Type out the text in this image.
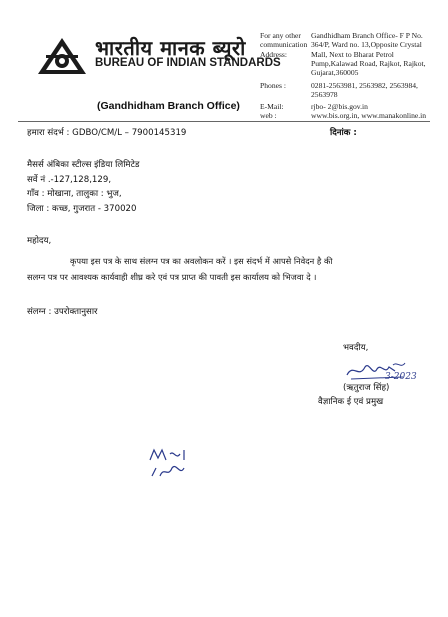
भारतीय मानक ब्यूरो
BUREAU OF INDIAN STANDARDS
(Gandhidham Branch Office)
For any other communication Address:
Gandhidham Branch Office- F P No. 364/P, Ward no. 13,Opposite Crystal Mall, Next to Bharat Petrol Pump,Kalawad Road, Rajkot, Rajkot, Gujarat,360005
Phones :	0281-2563981, 2563982, 2563984, 2563978
E-Mail:	rjbo- 2@bis.gov.in
web :	www.bis.org.in, www.manakonline.in
हमारा संदर्भ : GDBO/CM/L – 7900145319	दिनांक :
मैसर्स अंबिका स्टील्स इंडिया लिमिटेड
सर्वे नं .-127,128,129,
गाँव : मोखाना, तालुका : भुज,
जिला : कच्छ, गुजरात - 370020
महोदय,
कृपया इस पत्र के साथ संलग्न पत्र का अवलोकन करें । इस संदर्भ में आपसे निवेदन है की
सलग्न पत्र पर आवश्यक कार्यवाही शीघ्र करे एवं पत्र प्राप्त की पावती इस कार्यालय को भिजवा दे ।
संलग्न : उपरोक्तानुसार
भवदीय,
3-2023
(ऋतुराज सिंह)
वैज्ञानिक ई एवं प्रमुख
